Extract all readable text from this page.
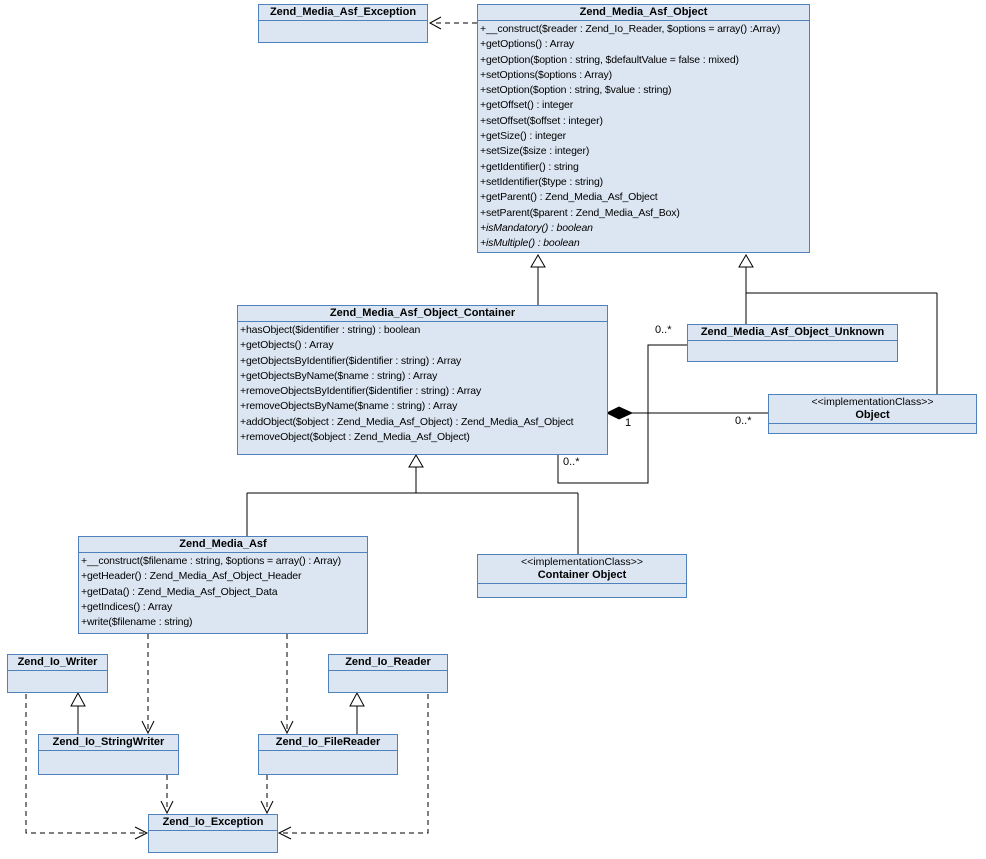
Zend_Media_Asf_Exception	Zend_Media_Asf_Object
+__construct($reader : Zend_Io_Reader, $options = array() :Array)
+getOptions() : Array
+getOption($option : string, $defaultValue = false : mixed)
+setOptions($options : Array)
+setOption($option : string, $value : string)
+getOffset() : integer
+setOffset($offset : integer)
+getSize() : integer
+setSize($size : integer)
+getIdentifier() : string
+setIdentifier($type : string)
+getParent() : Zend_Media_Asf_Object
+setParent($parent : Zend_Media_Asf_Box)
+isMandatory() : boolean
+isMultiple() : boolean
Zend_Media_Asf_Object_Container
+hasObject($identifier : string) : boolean
+getObjects() : Array
+getObjectsByIdentifier($identifier : string) : Array
+getObjectsByName($name : string) : Array
+removeObjectsByIdentifier($identifier : string) : Array
+removeObjectsByName($name : string) : Array
+addObject($object : Zend_Media_Asf_Object) : Zend_Media_Asf_Object
+removeObject($object : Zend_Media_Asf_Object)
Zend_Media_Asf_Object_Unknown
<<implementationClass>>
Object
Zend_Media_Asf
+__construct($filename : string, $options = array() : Array)
+getHeader() : Zend_Media_Asf_Object_Header
+getData() : Zend_Media_Asf_Object_Data
+getIndices() : Array
+write($filename : string)
<<implementationClass>>
Container Object
Zend_Io_Writer	Zend_Io_Reader
Zend_Io_StringWriter	Zend_Io_FileReader
Zend_Io_Exception
0..*
0..*
0..*
1
